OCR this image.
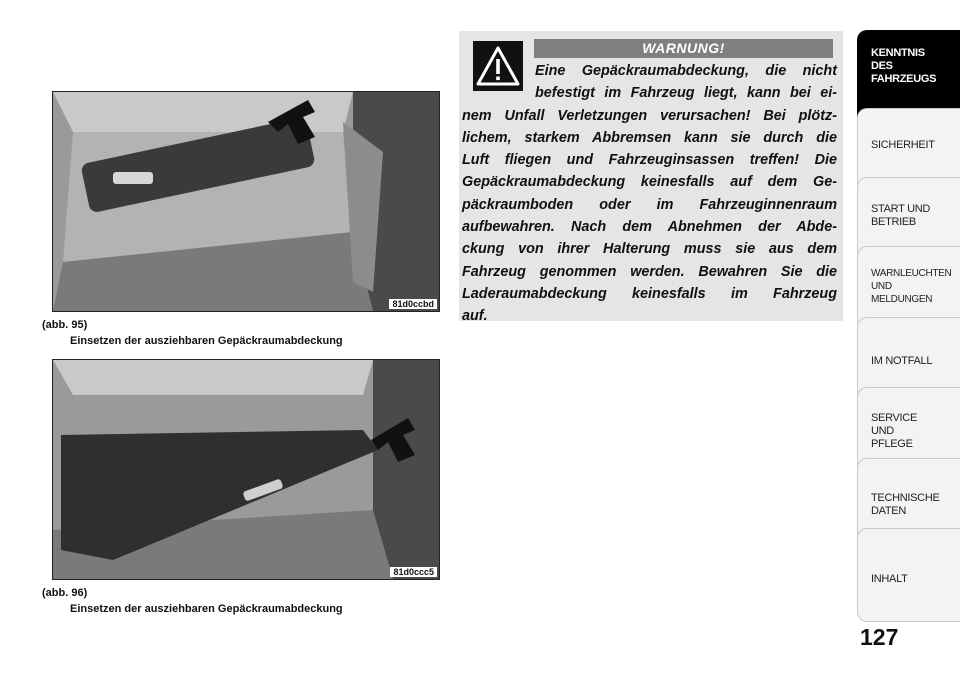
81d0ccbd
(abb. 95)
Einsetzen der ausziehbaren Gepäckraumabdeckung
81d0ccc5
(abb. 96)
Einsetzen der ausziehbaren Gepäckraumabdeckung
WARNUNG!
Eine Gepäckraumabdeckung, die nicht
befestigt im Fahrzeug liegt, kann bei ei-
nem Unfall Verletzungen verursachen! Bei plötz-
lichem, starkem Abbremsen kann sie durch die
Luft fliegen und Fahrzeuginsassen treffen! Die
Gepäckraumabdeckung keinesfalls auf dem Ge-
päckraumboden oder im Fahrzeuginnenraum
aufbewahren. Nach dem Abnehmen der Abde-
ckung von ihrer Halterung muss sie aus dem
Fahrzeug genommen werden. Bewahren Sie die
Laderaumabdeckung keinesfalls im Fahrzeug
auf.
KENNTNIS
DES
FAHRZEUGS
SICHERHEIT
START UND
BETRIEB
WARNLEUCHTEN
UND
MELDUNGEN
IM NOTFALL
SERVICE
UND
PFLEGE
TECHNISCHE
DATEN
INHALT
127
